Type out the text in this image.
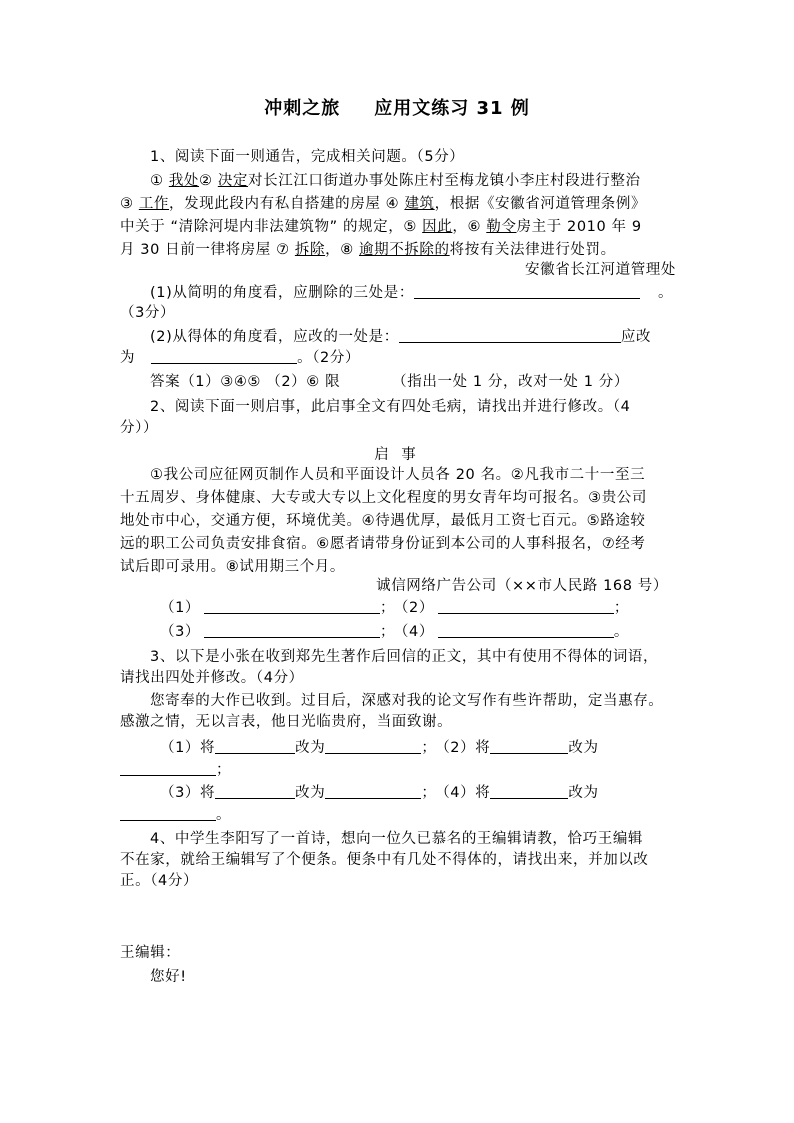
冲刺之旅 应用文练习 31 例
1、阅读下面一则通告，完成相关问题。（5分）
① 我处② 决定对长江江口街道办事处陈庄村至梅龙镇小李庄村段进行整治
③ 工作，发现此段内有私自搭建的房屋 ④ 建筑，根据《安徽省河道管理条例》
中关于 “清除河堤内非法建筑物” 的规定，⑤ 因此，⑥ 勒令房主于 2010 年 9
月 30 日前一律将房屋 ⑦ 拆除，⑧ 逾期不拆除的将按有关法律进行处罚。
安徽省长江河道管理处
(1)从简明的角度看，应删除的三处是：	。
（3分）
(2)从得体的角度看，应改的一处是：	应改
为	。（2分）
答案（1）③④⑤ （2）⑥ 限	（指出一处 1 分，改对一处 1 分）
2、阅读下面一则启事，此启事全文有四处毛病，请找出并进行修改。（4
分））
启 事
①我公司应征网页制作人员和平面设计人员各 20 名。②凡我市二十一至三
十五周岁、身体健康、大专或大专以上文化程度的男女青年均可报名。③贵公司
地处市中心，交通方便，环境优美。④待遇优厚，最低月工资七百元。⑤路途较
远的职工公司负责安排食宿。⑥愿者请带身份证到本公司的人事科报名，⑦经考
试后即可录用。⑧试用期三个月。
诚信网络广告公司（××市人民路 168 号）
（1）	； （2）	；
（3）	； （4）	。
3、以下是小张在收到郑先生著作后回信的正文，其中有使用不得体的词语，
请找出四处并修改。（4分）
您寄奉的大作已收到。过目后，深感对我的论文写作有些许帮助，定当惠存。
感激之情，无以言表，他日光临贵府，当面致谢。
（1）将	改为	； （2）将	改为
；
（3）将	改为	； （4）将	改为
。
4、中学生李阳写了一首诗，想向一位久已慕名的王编辑请教，恰巧王编辑
不在家，就给王编辑写了个便条。便条中有几处不得体的，请找出来，并加以改
正。（4分）
王编辑：
您好!
